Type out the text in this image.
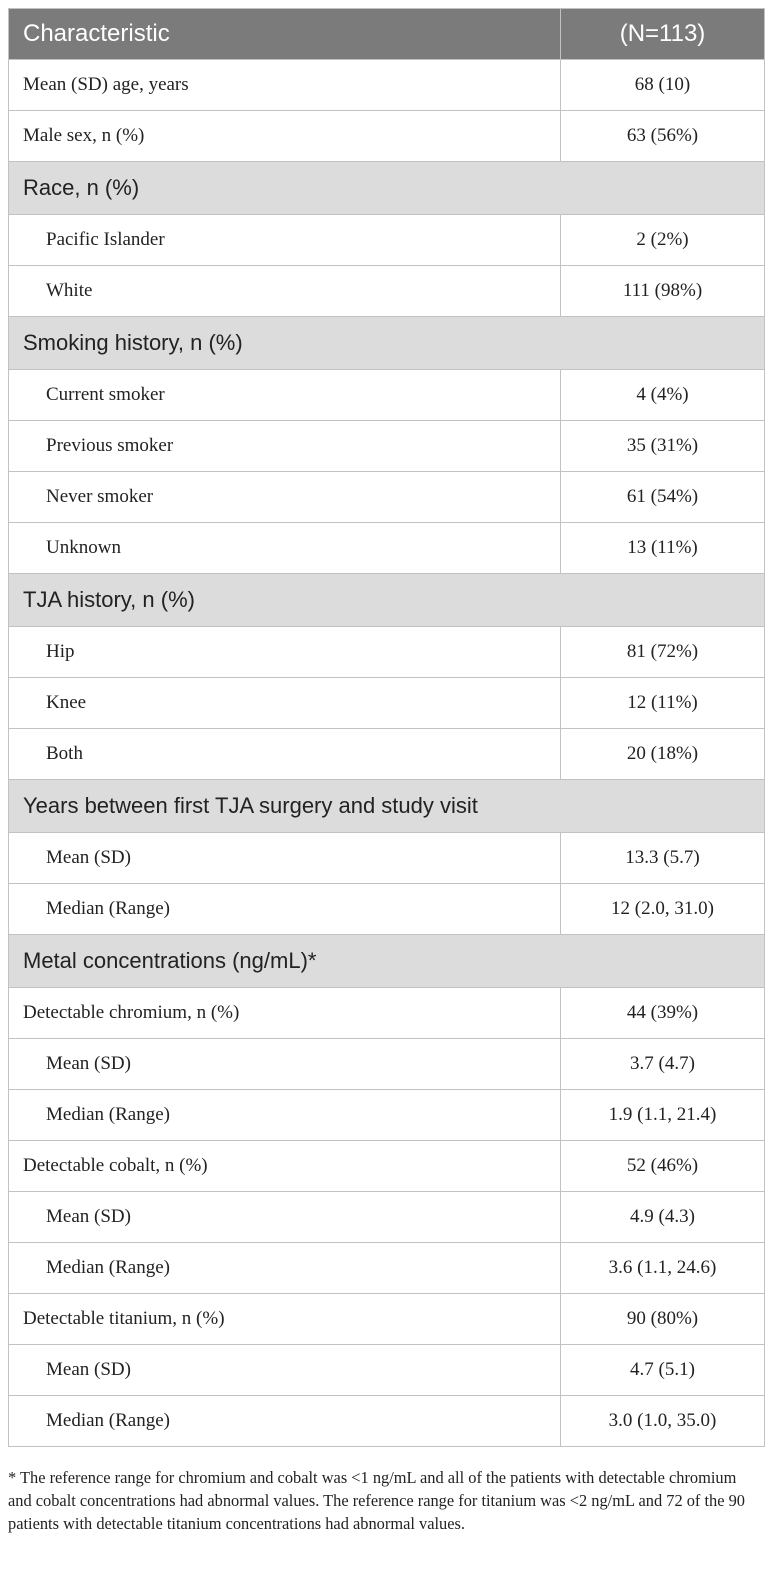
Characteristic	(N=113)
Mean (SD) age, years	68 (10)
Male sex, n (%)	63 (56%)
Race, n (%)	
Pacific Islander	2 (2%)
White	111 (98%)
Smoking history, n (%)	
Current smoker	4 (4%)
Previous smoker	35 (31%)
Never smoker	61 (54%)
Unknown	13 (11%)
TJA history, n (%)	
Hip	81 (72%)
Knee	12 (11%)
Both	20 (18%)
Years between first TJA surgery and study visit	
Mean (SD)	13.3 (5.7)
Median (Range)	12 (2.0, 31.0)
Metal concentrations (ng/mL)*	
Detectable chromium, n (%)	44 (39%)
Mean (SD)	3.7 (4.7)
Median (Range)	1.9 (1.1, 21.4)
Detectable cobalt, n (%)	52 (46%)
Mean (SD)	4.9 (4.3)
Median (Range)	3.6 (1.1, 24.6)
Detectable titanium, n (%)	90 (80%)
Mean (SD)	4.7 (5.1)
Median (Range)	3.0 (1.0, 35.0)

* The reference range for chromium and cobalt was <1 ng/mL and all of the patients with detectable chromium and cobalt concentrations had abnormal values. The reference range for titanium was <2 ng/mL and 72 of the 90 patients with detectable titanium concentrations had abnormal values.
